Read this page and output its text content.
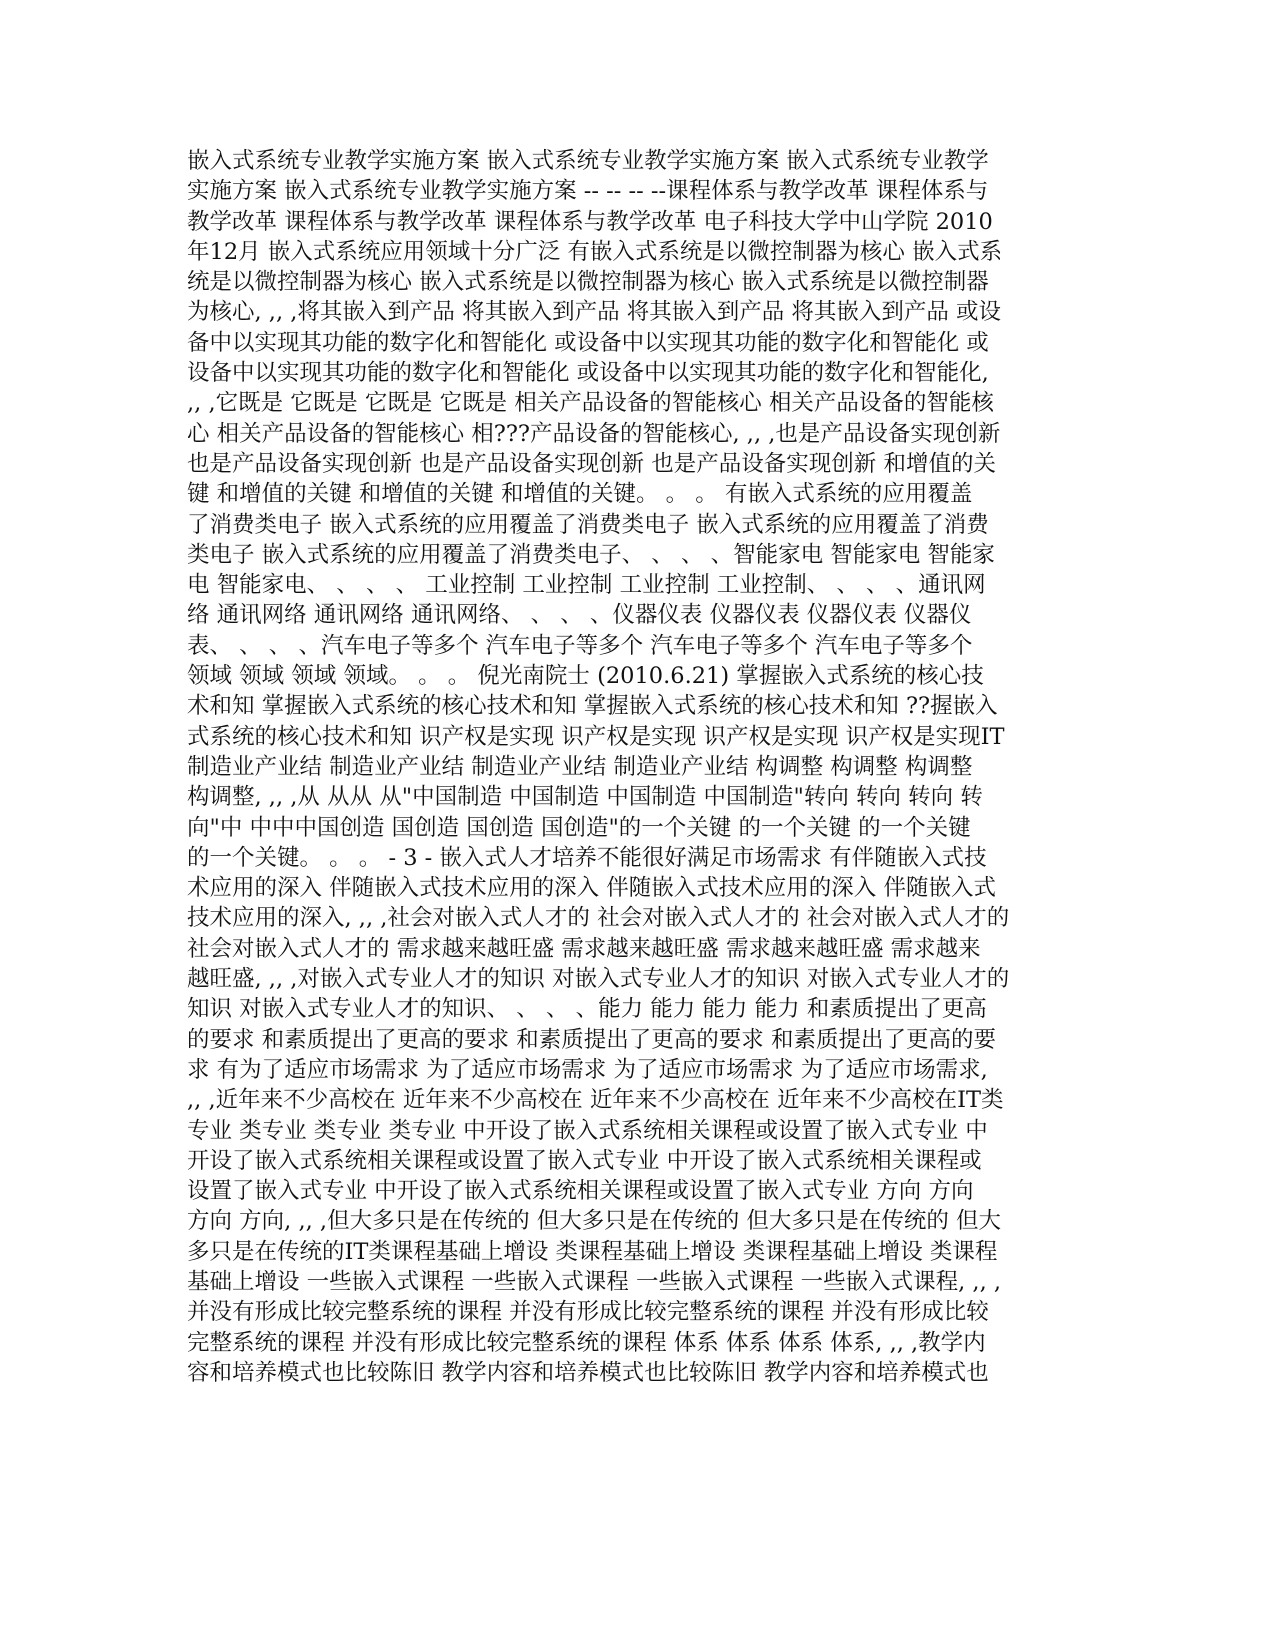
嵌入式系统专业教学实施方案 嵌入式系统专业教学实施方案 嵌入式系统专业教学
实施方案 嵌入式系统专业教学实施方案 -- -- -- --课程体系与教学改革 课程体系与
教学改革 课程体系与教学改革 课程体系与教学改革 电子科技大学中山学院 2010
年12月 嵌入式系统应用领域十分广泛 有嵌入式系统是以微控制器为核心 嵌入式系
统是以微控制器为核心 嵌入式系统是以微控制器为核心 嵌入式系统是以微控制器
为核心, ,, ,将其嵌入到产品 将其嵌入到产品 将其嵌入到产品 将其嵌入到产品 或设
备中以实现其功能的数字化和智能化 或设备中以实现其功能的数字化和智能化 或
设备中以实现其功能的数字化和智能化 或设备中以实现其功能的数字化和智能化,
,, ,它既是 它既是 它既是 它既是 相关产品设备的智能核心 相关产品设备的智能核
心 相关产品设备的智能核心 相???产品设备的智能核心, ,, ,也是产品设备实现创新
也是产品设备实现创新 也是产品设备实现创新 也是产品设备实现创新 和增值的关
键 和增值的关键 和增值的关键 和增值的关键。 。 。 有嵌入式系统的应用覆盖
了消费类电子 嵌入式系统的应用覆盖了消费类电子 嵌入式系统的应用覆盖了消费
类电子 嵌入式系统的应用覆盖了消费类电子、 、 、 、智能家电 智能家电 智能家
电 智能家电、 、 、 、 工业控制 工业控制 工业控制 工业控制、 、 、 、通讯网
络 通讯网络 通讯网络 通讯网络、 、 、 、仪器仪表 仪器仪表 仪器仪表 仪器仪
表、 、 、 、汽车电子等多个 汽车电子等多个 汽车电子等多个 汽车电子等多个
领域 领域 领域 领域。 。 。 倪光南院士 (2010.6.21) 掌握嵌入式系统的核心技
术和知 掌握嵌入式系统的核心技术和知 掌握嵌入式系统的核心技术和知 ??握嵌入
式系统的核心技术和知 识产权是实现 识产权是实现 识产权是实现 识产权是实现IT
制造业产业结 制造业产业结 制造业产业结 制造业产业结 构调整 构调整 构调整
构调整, ,, ,从 从从 从"中国制造 中国制造 中国制造 中国制造"转向 转向 转向 转
向"中 中中中国创造 国创造 国创造 国创造"的一个关键 的一个关键 的一个关键
的一个关键。 。 。 - 3 - 嵌入式人才培养不能很好满足市场需求 有伴随嵌入式技
术应用的深入 伴随嵌入式技术应用的深入 伴随嵌入式技术应用的深入 伴随嵌入式
技术应用的深入, ,, ,社会对嵌入式人才的 社会对嵌入式人才的 社会对嵌入式人才的
社会对嵌入式人才的 需求越来越旺盛 需求越来越旺盛 需求越来越旺盛 需求越来
越旺盛, ,, ,对嵌入式专业人才的知识 对嵌入式专业人才的知识 对嵌入式专业人才的
知识 对嵌入式专业人才的知识、 、 、 、能力 能力 能力 能力 和素质提出了更高
的要求 和素质提出了更高的要求 和素质提出了更高的要求 和素质提出了更高的要
求 有为了适应市场需求 为了适应市场需求 为了适应市场需求 为了适应市场需求,
,, ,近年来不少高校在 近年来不少高校在 近年来不少高校在 近年来不少高校在IT类
专业 类专业 类专业 类专业 中开设了嵌入式系统相关课程或设置了嵌入式专业 中
开设了嵌入式系统相关课程或设置了嵌入式专业 中开设了嵌入式系统相关课程或
设置了嵌入式专业 中开设了嵌入式系统相关课程或设置了嵌入式专业 方向 方向
方向 方向, ,, ,但大多只是在传统的 但大多只是在传统的 但大多只是在传统的 但大
多只是在传统的IT类课程基础上增设 类课程基础上增设 类课程基础上增设 类课程
基础上增设 一些嵌入式课程 一些嵌入式课程 一些嵌入式课程 一些嵌入式课程, ,, ,
并没有形成比较完整系统的课程 并没有形成比较完整系统的课程 并没有形成比较
完整系统的课程 并没有形成比较完整系统的课程 体系 体系 体系 体系, ,, ,教学内
容和培养模式也比较陈旧 教学内容和培养模式也比较陈旧 教学内容和培养模式也
